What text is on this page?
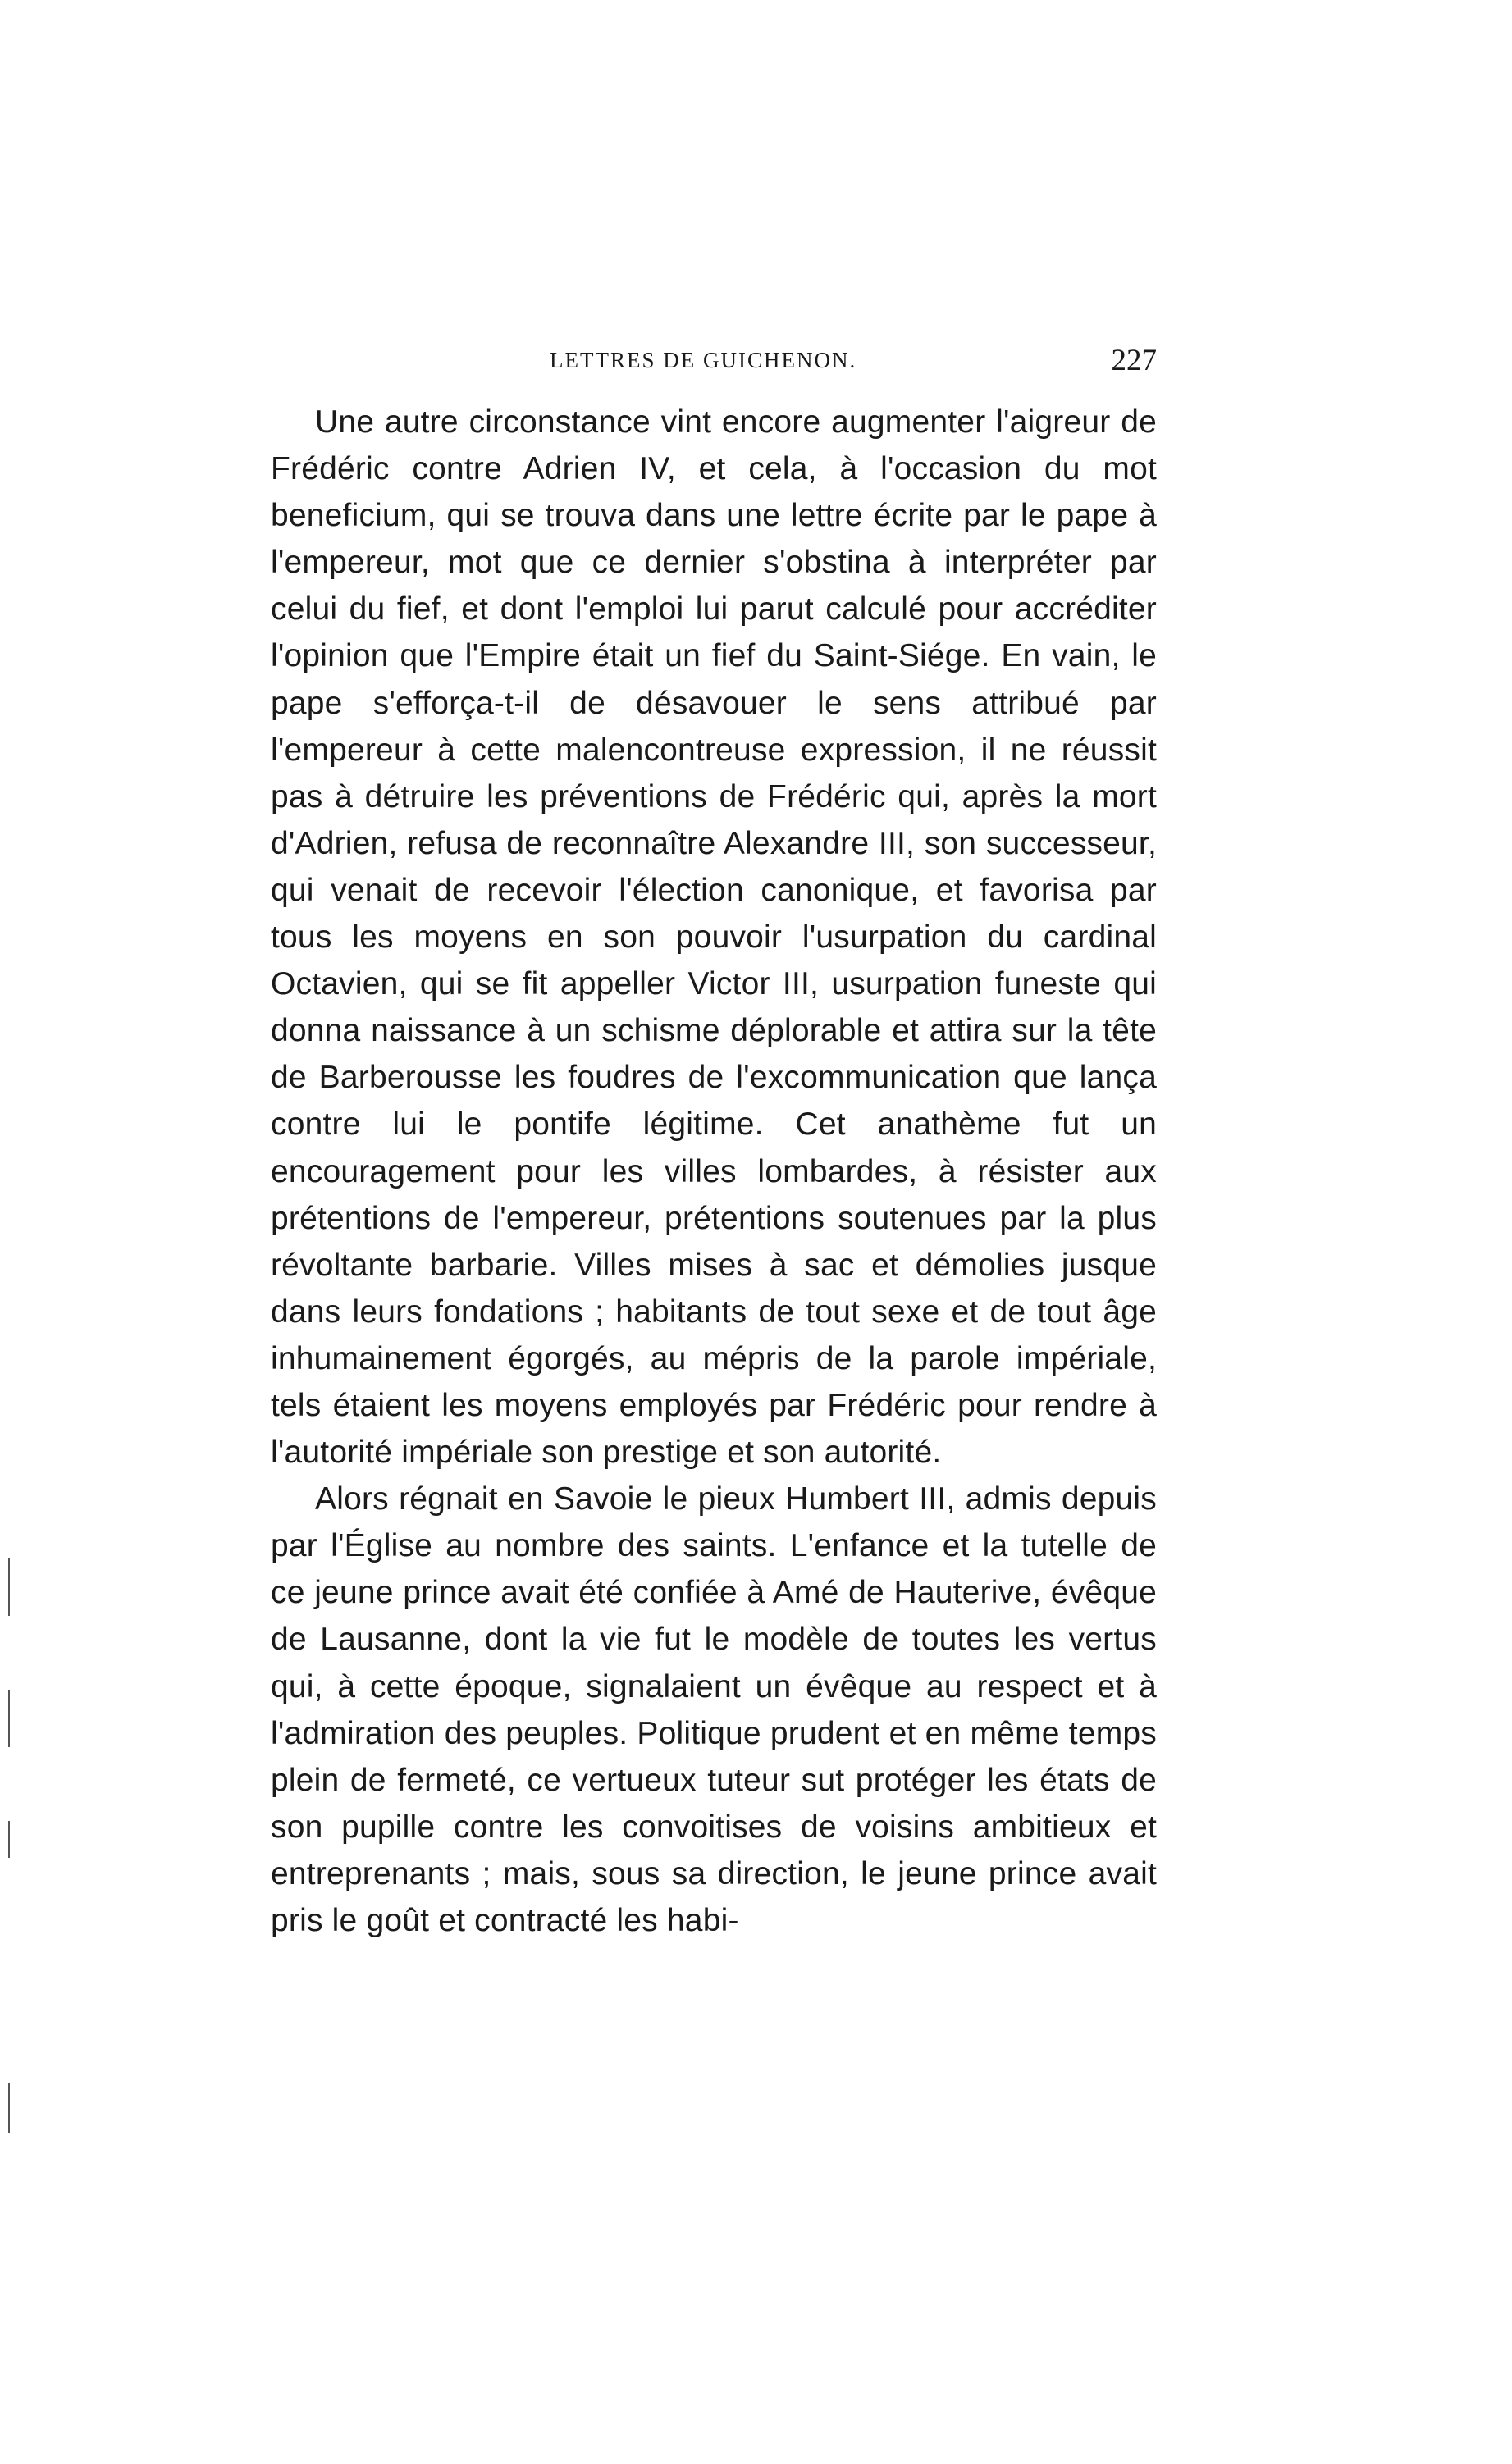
LETTRES DE GUICHENON.	227

Une autre circonstance vint encore augmenter l'aigreur de Frédéric contre Adrien IV, et cela, à l'occasion du mot beneficium, qui se trouva dans une lettre écrite par le pape à l'empereur, mot que ce dernier s'obstina à interpréter par celui du fief, et dont l'emploi lui parut calculé pour accréditer l'opinion que l'Empire était un fief du Saint-Siége. En vain, le pape s'efforça-t-il de désavouer le sens attribué par l'empereur à cette malencontreuse expression, il ne réussit pas à détruire les préventions de Frédéric qui, après la mort d'Adrien, refusa de reconnaître Alexandre III, son successeur, qui venait de recevoir l'élection canonique, et favorisa par tous les moyens en son pouvoir l'usurpation du cardinal Octavien, qui se fit appeller Victor III, usurpation funeste qui donna naissance à un schisme déplorable et attira sur la tête de Barberousse les foudres de l'excommunication que lança contre lui le pontife légitime. Cet anathème fut un encouragement pour les villes lombardes, à résister aux prétentions de l'empereur, prétentions soutenues par la plus révoltante barbarie. Villes mises à sac et démolies jusque dans leurs fondations ; habitants de tout sexe et de tout âge inhumainement égorgés, au mépris de la parole impériale, tels étaient les moyens employés par Frédéric pour rendre à l'autorité impériale son prestige et son autorité.

Alors régnait en Savoie le pieux Humbert III, admis depuis par l'Église au nombre des saints. L'enfance et la tutelle de ce jeune prince avait été confiée à Amé de Hauterive, évêque de Lausanne, dont la vie fut le modèle de toutes les vertus qui, à cette époque, signalaient un évêque au respect et à l'admiration des peuples. Politique prudent et en même temps plein de fermeté, ce vertueux tuteur sut protéger les états de son pupille contre les convoitises de voisins ambitieux et entreprenants ; mais, sous sa direction, le jeune prince avait pris le goût et contracté les habi-
